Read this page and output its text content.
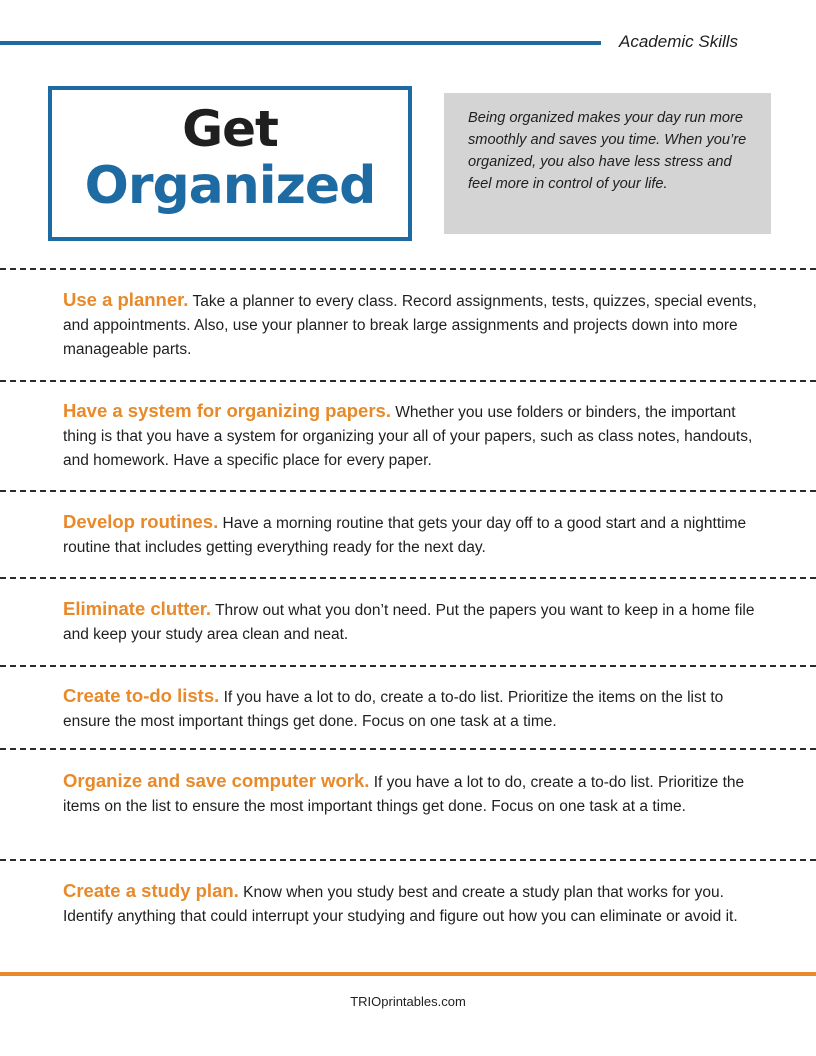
Academic Skills
Get
Organized
Being organized makes your day run more smoothly and saves you time. When you’re organized, you also have less stress and feel more in control of your life.
Use a planner. Take a planner to every class. Record assignments, tests, quizzes, special events, and appointments. Also, use your planner to break large assignments and projects down into more manageable parts.
Have a system for organizing papers. Whether you use folders or binders, the important thing is that you have a system for organizing your all of your papers, such as class notes, handouts, and homework. Have a specific place for every paper.
Develop routines. Have a morning routine that gets your day off to a good start and a nighttime routine that includes getting everything ready for the next day.
Eliminate clutter. Throw out what you don’t need. Put the papers you want to keep in a home file and keep your study area clean and neat.
Create to-do lists. If you have a lot to do, create a to-do list. Prioritize the items on the list to ensure the most important things get done. Focus on one task at a time.
Organize and save computer work. If you have a lot to do, create a to-do list. Prioritize the items on the list to ensure the most important things get done. Focus on one task at a time.
Create a study plan. Know when you study best and create a study plan that works for you. Identify anything that could interrupt your studying and figure out how you can eliminate or avoid it.
TRIOprintables.com
